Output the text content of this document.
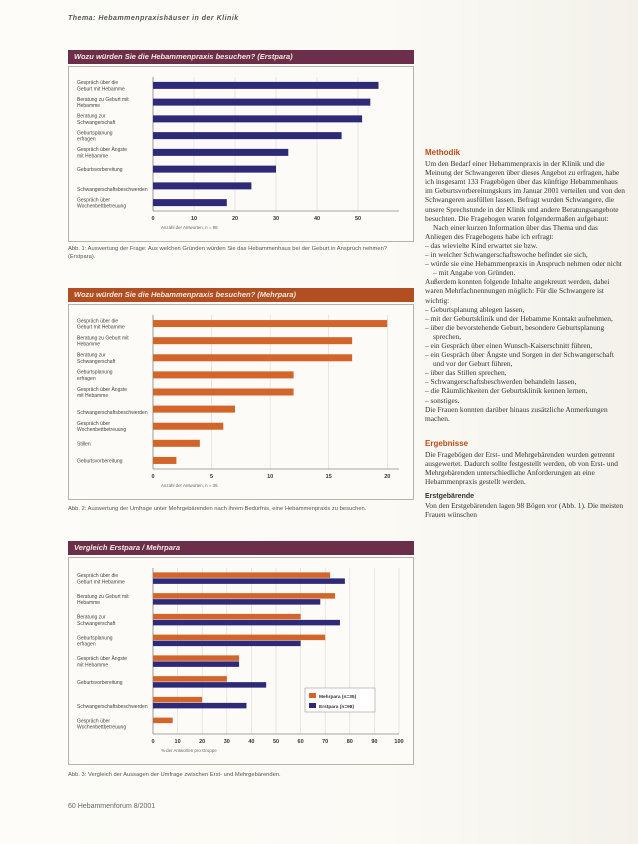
Thema: Hebammenpraxishäuser in der Klinik
Wozu würden Sie die Hebammenpraxis besuchen? (Erstpara)
0	10	20	30	40	50
Anzahl der Antworten, n = 98
Gespräch über die Geburt mit Hebamme
Beratung zu Geburt mit Hebamme
Beratung zur Schwangerschaft
Geburtsplanung erfragen
Gespräch über Ängste mit Hebamme
Geburtsvorbereitung
Schwangerschaftsbeschwerden
Gespräch über Wochenbettbetreuung
Abb. 1: Auswertung der Frage: Aus welchen Gründen würden Sie das Hebammenhaus bei der Geburt in Anspruch nehmen? (Erstpara).
Wozu würden Sie die Hebammenpraxis besuchen? (Mehrpara)
0	5	10	15	20
Anzahl der Antworten, n = 35
Gespräch über die Geburt mit Hebamme
Beratung zu Geburt mit Hebamme
Beratung zur Schwangerschaft
Geburtsplanung erfragen
Gespräch über Ängste mit Hebamme
Schwangerschaftsbeschwerden
Gespräch über Wochenbettbetreuung
Stillen
Geburtsvorbereitung
Abb. 2: Auswertung der Umfrage unter Mehrgebärenden nach ihrem Bedürfnis, eine Hebammenpraxis zu besuchen.
Vergleich Erstpara / Mehrpara
0	10	20	30	40	50	60	70	80	90	100
% der Antworten pro Gruppe
Gespräch über die Geburt mit Hebamme
Beratung zu Geburt mit Hebamme
Beratung zur Schwangerschaft
Geburtsplanung erfragen
Gespräch über Ängste mit Hebamme
Geburtsvorbereitung
Schwangerschaftsbeschwerden
Gespräch über Wochenbettbetreuung
Mehrpara (n=35)
Erstpara (n=98)
Abb. 3: Vergleich der Aussagen der Umfrage zwischen Erst- und Mehrgebärenden.
Methodik

Um den Bedarf einer Hebammenpraxis in der Klinik und die Meinung der Schwangeren über dieses Angebot zu erfragen, habe ich insgesamt 133 Fragebögen über das künftige Hebammenhaus im Geburtsvorbereitungskurs im Januar 2001 verteilen und von den Schwangeren ausfüllen lassen. Befragt wurden Schwangere, die unsere Sprechstunde in der Klinik und andere Beratungsangebote besuchten. Die Fragebogen waren folgendermaßen aufgebaut:

Nach einer kurzen Information über das Thema und das Anliegen des Fragebogens habe ich erfragt:

– das wievielte Kind erwartet sie bzw.
– in welcher Schwangerschaftswoche befindet sie sich,
– würde sie eine Hebammenpraxis in Anspruch nehmen oder nicht – mit Angabe von Gründen.

Außerdem konnten folgende Inhalte angekreuzt werden, dabei waren Mehrfachnennungen möglich: Für die Schwangere ist wichtig:

– Geburtsplanung ablegen lassen,
– mit der Geburtsklinik und der Hebamme Kontakt aufnehmen,
– über die bevorstehende Geburt, besondere Geburtsplanung sprechen,
– ein Gespräch über einen Wunsch-Kaiserschnitt führen,
– ein Gespräch über Ängste und Sorgen in der Schwangerschaft und vor der Geburt führen,
– über das Stillen sprechen,
– Schwangerschaftsbeschwerden behandeln lassen,
– die Räumlichkeiten der Geburtsklinik kennen lernen,
– sonstiges.

Die Frauen konnten darüber hinaus zusätzliche Anmerkungen machen.

Ergebnisse

Die Fragebögen der Erst- und Mehrgebärenden wurden getrennt ausgewertet. Dadurch sollte festgestellt werden, ob von Erst- und Mehrgebärenden unterschiedliche Anforderungen an eine Hebammenpraxis gestellt werden.

Erstgebärende

Von den Erstgebärenden lagen 98 Bögen vor (Abb. 1). Die meisten Frauen wünschen

60 Hebammenforum 8/2001
